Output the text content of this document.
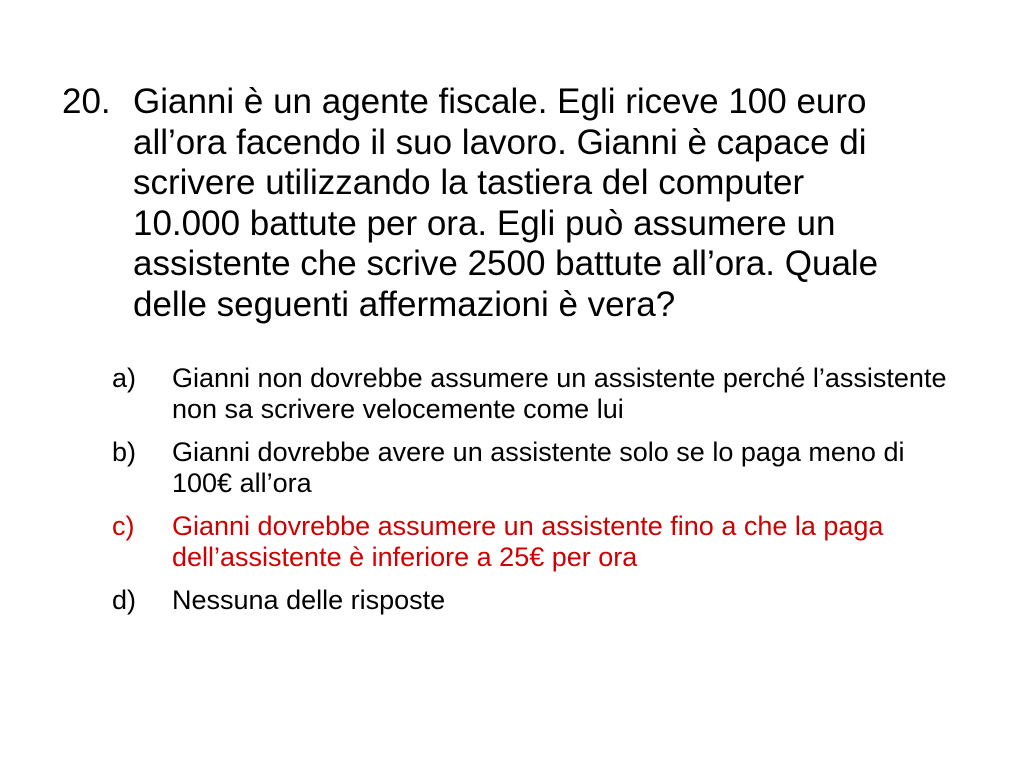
20. Gianni è un agente fiscale. Egli riceve 100 euro all’ora facendo il suo lavoro. Gianni è capace di scrivere utilizzando la tastiera del computer 10.000 battute per ora. Egli può assumere un assistente che scrive 2500 battute all’ora. Quale delle seguenti affermazioni è vera?
a)	Gianni non dovrebbe assumere un assistente perché l’assistente non sa scrivere velocemente come lui
b)	Gianni dovrebbe avere un assistente solo se lo paga meno di 100€ all’ora
c)	Gianni dovrebbe assumere un assistente fino a che la paga dell’assistente è inferiore a 25€ per ora
d)	Nessuna delle risposte
